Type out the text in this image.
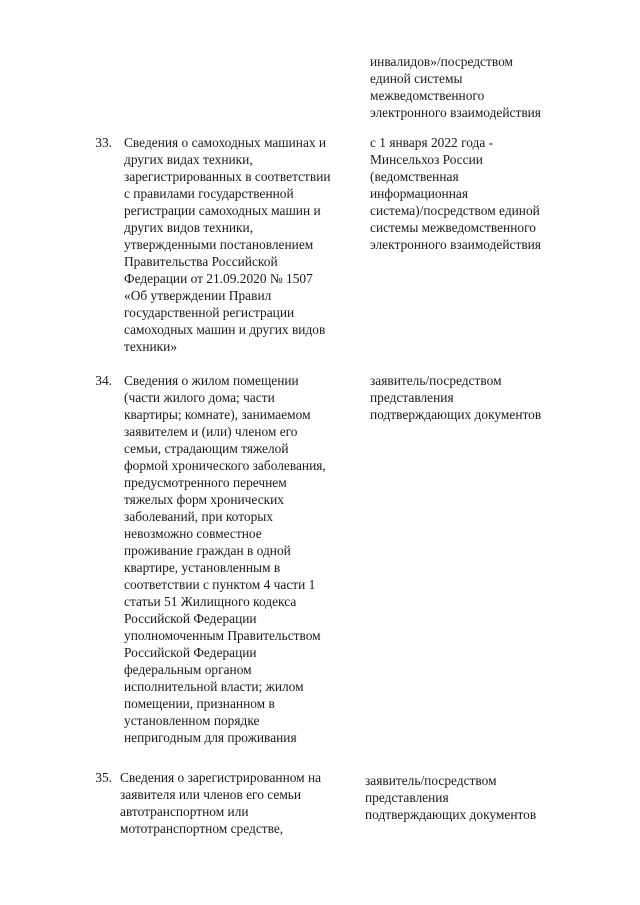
инвалидов»/посредством
единой системы
межведомственного
электронного взаимодействия
33. Сведения о самоходных машинах и
других видах техники,
зарегистрированных в соответствии
с правилами государственной
регистрации самоходных машин и
других видов техники,
утвержденными постановлением
Правительства Российской
Федерации от 21.09.2020 № 1507
«Об утверждении Правил
государственной регистрации
самоходных машин и других видов
техники»
с 1 января 2022 года -
Минсельхоз России
(ведомственная
информационная
система)/посредством единой
системы межведомственного
электронного взаимодействия
34. Сведения о жилом помещении
(части жилого дома; части
квартиры; комнате), занимаемом
заявителем и (или) членом его
семьи, страдающим тяжелой
формой хронического заболевания,
предусмотренного перечнем
тяжелых форм хронических
заболеваний, при которых
невозможно совместное
проживание граждан в одной
квартире, установленным в
соответствии с пунктом 4 части 1
статьи 51 Жилищного кодекса
Российской Федерации
уполномоченным Правительством
Российской Федерации
федеральным органом
исполнительной власти; жилом
помещении, признанном в
установленном порядке
непригодным для проживания
заявитель/посредством
представления
подтверждающих документов
35. Сведения о зарегистрированном на
заявителя или членов его семьи
автотранспортном или
мототранспортном средстве,
заявитель/посредством
представления
подтверждающих документов
